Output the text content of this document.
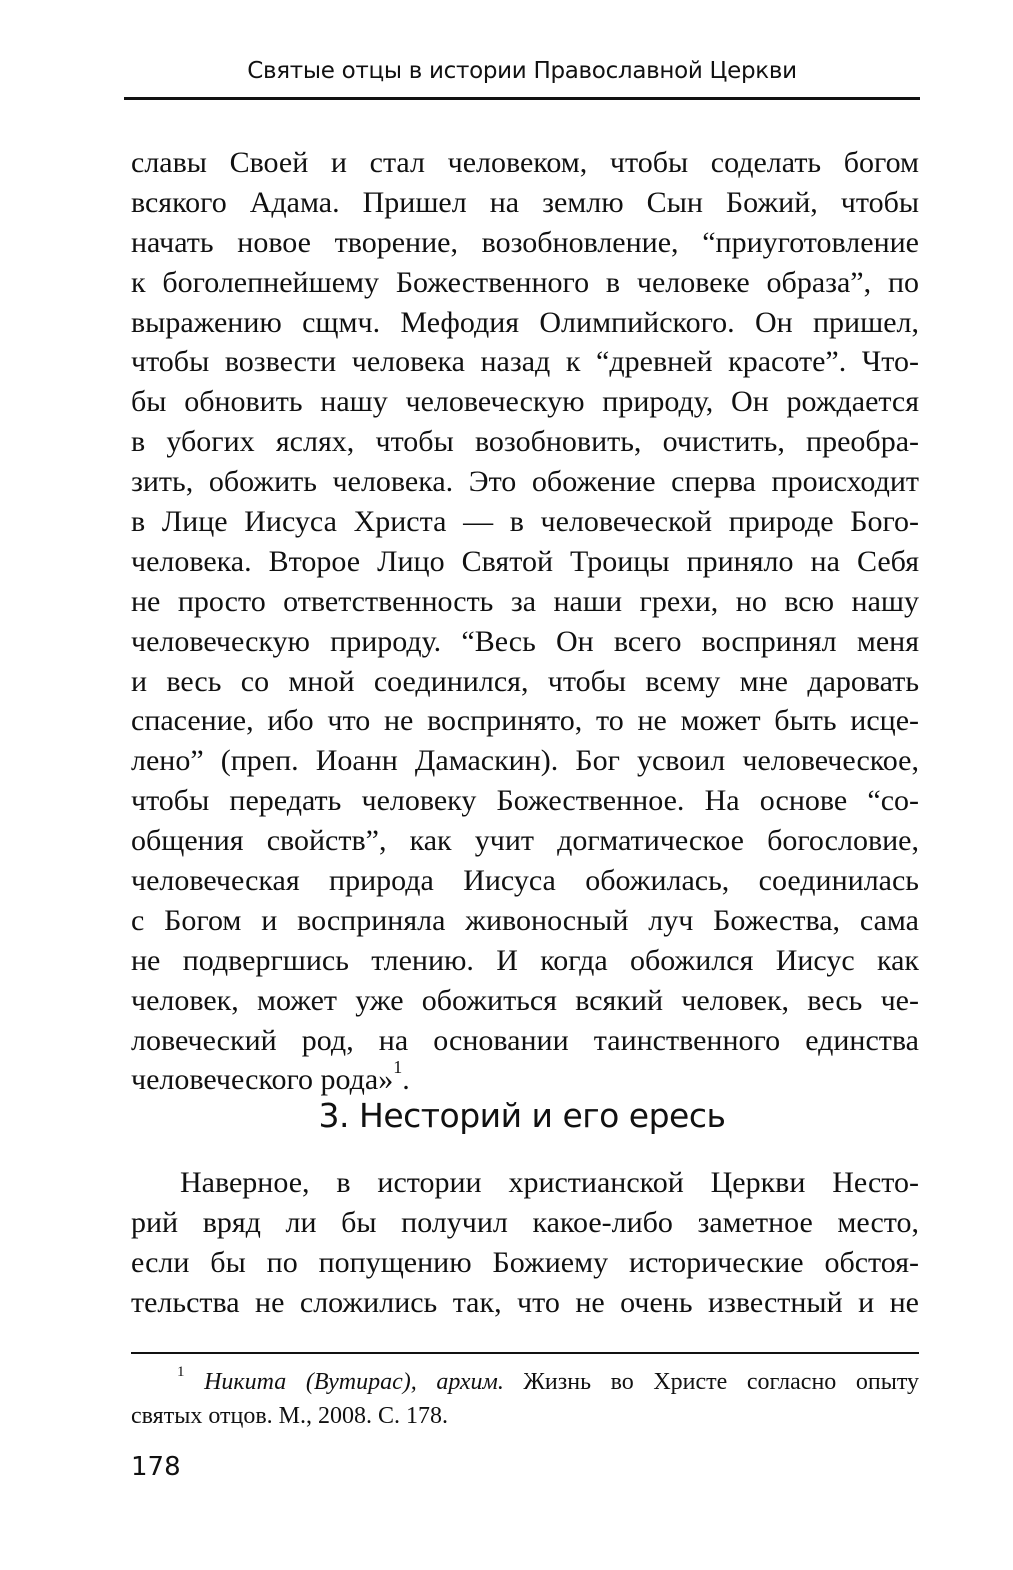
Святые отцы в истории Православной Церкви
славы Своей и стал человеком, чтобы соделать богом
всякого Адама. Пришел на землю Сын Божий, чтобы
начать новое творение, возобновление, “приуготовление
к боголепнейшему Божественного в человеке образа”, по
выражению сщмч. Мефодия Олимпийского. Он пришел,
чтобы возвести человека назад к “древней красоте”. Что-
бы обновить нашу человеческую природу, Он рождается
в убогих яслях, чтобы возобновить, очистить, преобра-
зить, обожить человека. Это обожение сперва происходит
в Лице Иисуса Христа — в человеческой природе Бого-
человека. Второе Лицо Святой Троицы приняло на Себя
не просто ответственность за наши грехи, но всю нашу
человеческую природу. “Весь Он всего воспринял меня
и весь со мной соединился, чтобы всему мне даровать
спасение, ибо что не воспринято, то не может быть исце-
лено” (преп. Иоанн Дамаскин). Бог усвоил человеческое,
чтобы передать человеку Божественное. На основе “со-
общения свойств”, как учит догматическое богословие,
человеческая природа Иисуса обожилась, соединилась
с Богом и восприняла живоносный луч Божества, сама
не подвергшись тлению. И когда обожился Иисус как
человек, может уже обожиться всякий человек, весь че-
ловеческий род, на основании таинственного единства
человеческого рода»$^1$.
3. Несторий и его ересь
Наверное, в истории христианской Церкви Несто-
рий вряд ли бы получил какое-либо заметное место,
если бы по попущению Божиему исторические обстоя-
тельства не сложились так, что не очень известный и не
$^1$ Никита (Вутирас), архим. Жизнь во Христе согласно опыту
святых отцов. М., 2008. С. 178.
178
